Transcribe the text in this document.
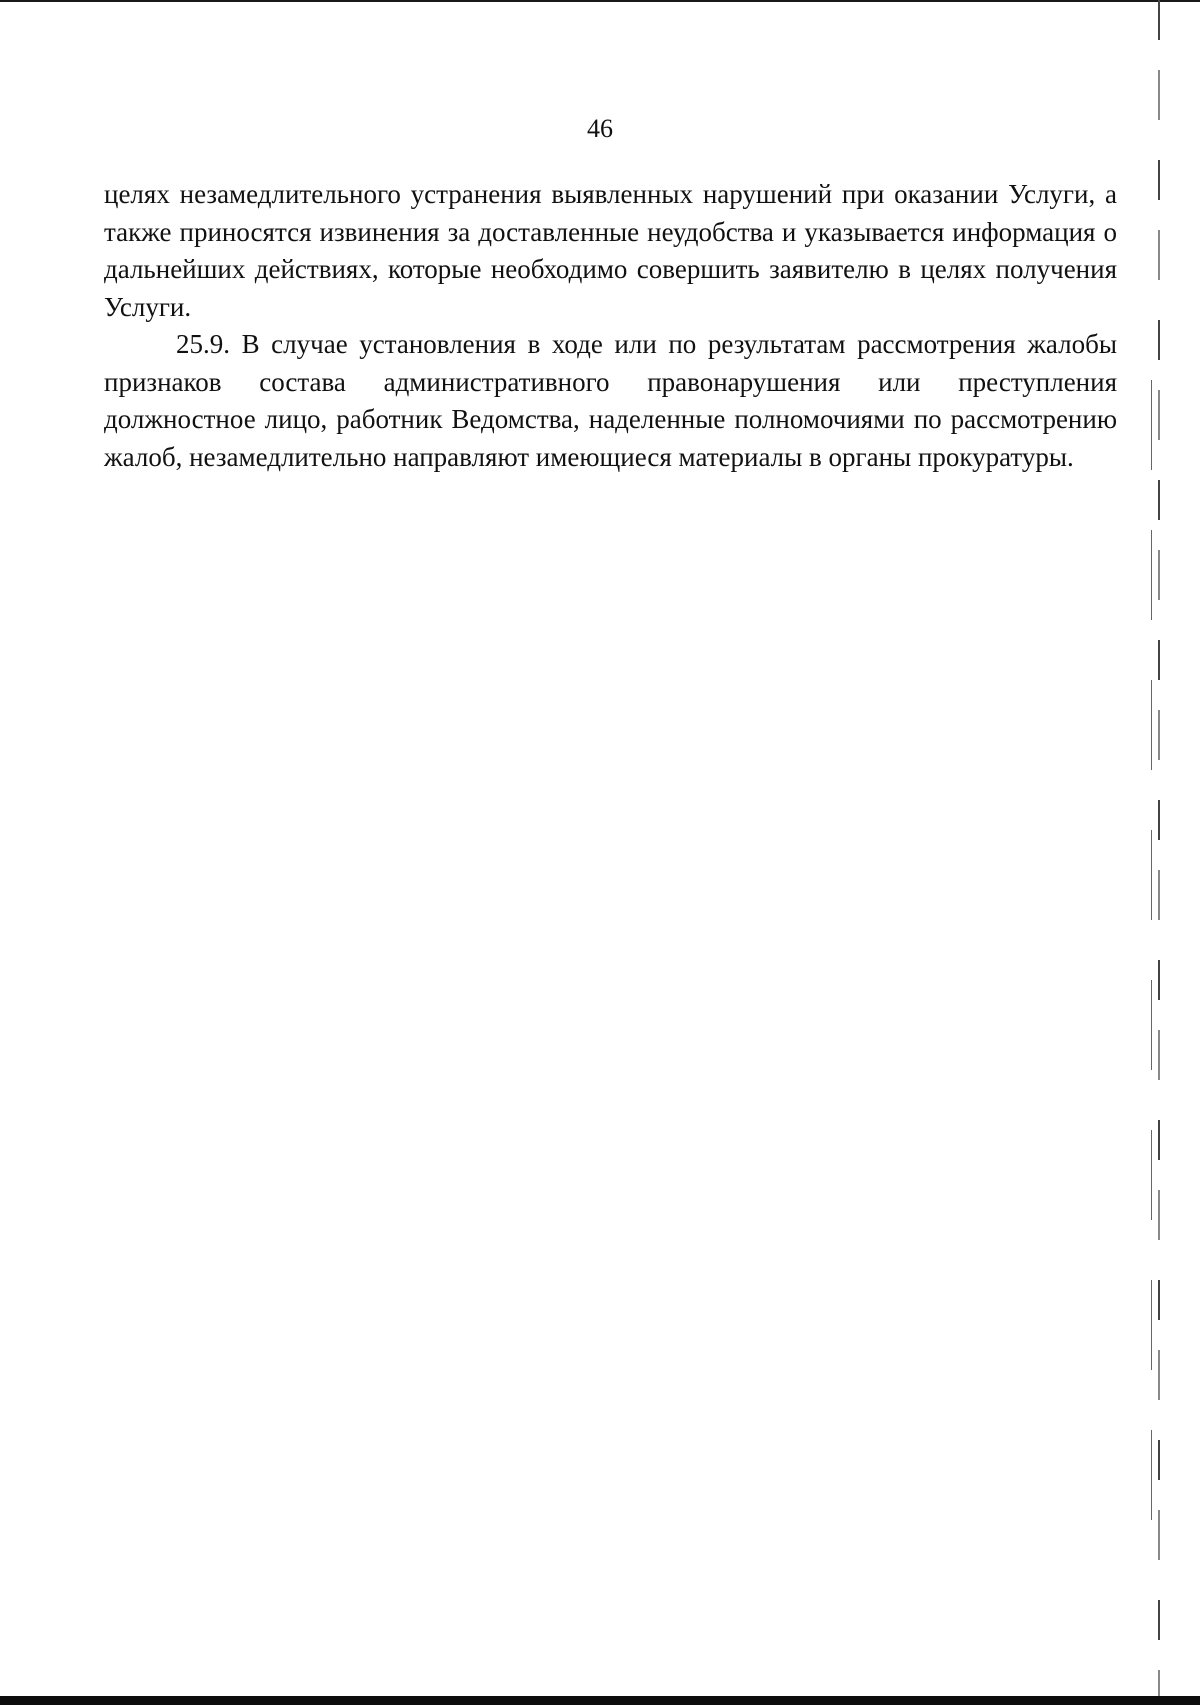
46

целях незамедлительного устранения выявленных нарушений при оказании Услуги, а также приносятся извинения за доставленные неудобства и указывается информация о дальнейших действиях, которые необходимо совершить заявителю в целях получения Услуги.

25.9. В случае установления в ходе или по результатам рассмотрения жалобы признаков состава административного правонарушения или преступления должностное лицо, работник Ведомства, наделенные полномочиями по рассмотрению жалоб, незамедлительно направляют имеющиеся материалы в органы прокуратуры.
